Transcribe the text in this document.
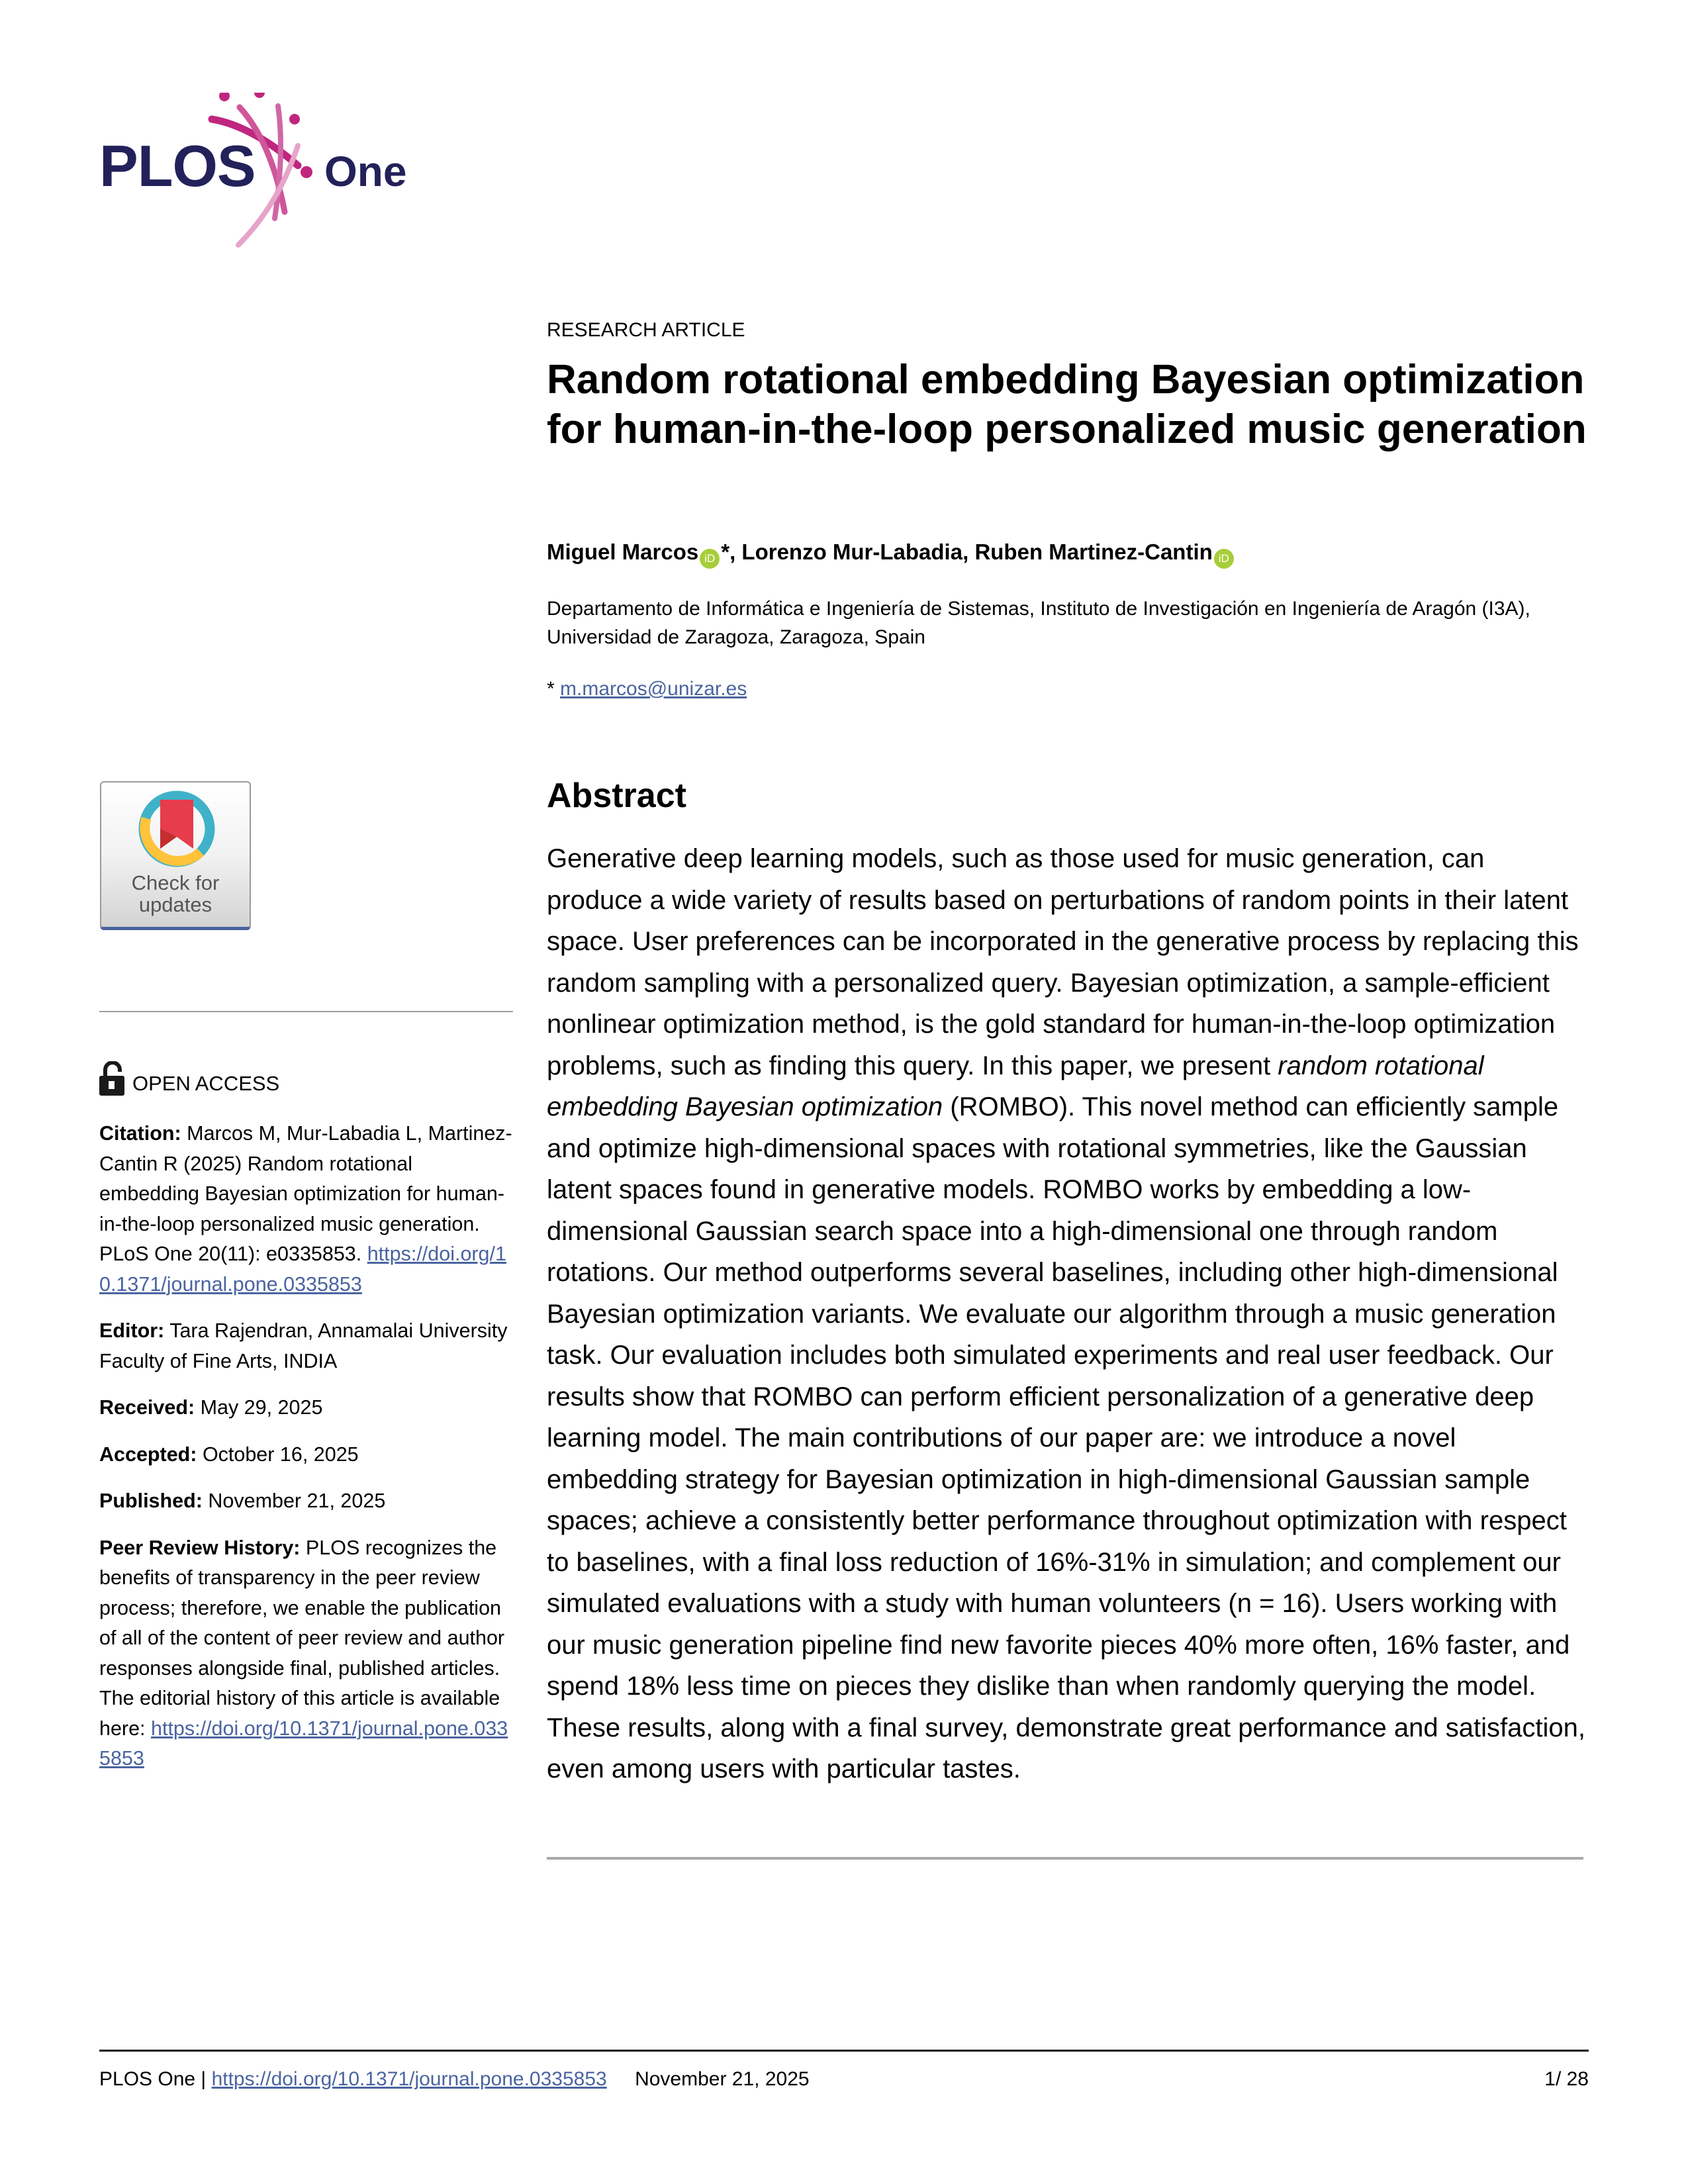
PLOS One
RESEARCH ARTICLE
Random rotational embedding Bayesian optimization for human-in-the-loop personalized music generation
Miguel Marcos iD *, Lorenzo Mur-Labadia, Ruben Martinez-Cantin iD
Departamento de Informática e Ingeniería de Sistemas, Instituto de Investigación en Ingeniería de Aragón (I3A), Universidad de Zaragoza, Zaragoza, Spain
* m.marcos@unizar.es
Check for
updates
OPEN ACCESS

Citation: Marcos M, Mur-Labadia L, Martinez-Cantin R (2025) Random rotational embedding Bayesian optimization for human-in-the-loop personalized music generation. PLoS One 20(11): e0335853. https://doi.org/10.1371/journal.pone.0335853

Editor: Tara Rajendran, Annamalai University Faculty of Fine Arts, INDIA

Received: May 29, 2025

Accepted: October 16, 2025

Published: November 21, 2025

Peer Review History: PLOS recognizes the benefits of transparency in the peer review process; therefore, we enable the publication of all of the content of peer review and author responses alongside final, published articles. The editorial history of this article is available here: https://doi.org/10.1371/journal.pone.0335853

Abstract

Generative deep learning models, such as those used for music generation, can produce a wide variety of results based on perturbations of random points in their latent space. User preferences can be incorporated in the generative process by replacing this random sampling with a personalized query. Bayesian optimization, a sample-efficient nonlinear optimization method, is the gold standard for human-in-the-loop optimization problems, such as finding this query. In this paper, we present random rotational embedding Bayesian optimization (ROMBO). This novel method can efficiently sample and optimize high-dimensional spaces with rotational symmetries, like the Gaussian latent spaces found in generative models. ROMBO works by embedding a low-dimensional Gaussian search space into a high-dimensional one through random rotations. Our method outperforms several baselines, including other high-dimensional Bayesian optimization variants. We evaluate our algorithm through a music generation task. Our evaluation includes both simulated experiments and real user feedback. Our results show that ROMBO can perform efficient personalization of a generative deep learning model. The main contributions of our paper are: we introduce a novel embedding strategy for Bayesian optimization in high-dimensional Gaussian sample spaces; achieve a consistently better performance throughout optimization with respect to baselines, with a final loss reduction of 16%-31% in simulation; and complement our simulated evaluations with a study with human volunteers (n = 16). Users working with our music generation pipeline find new favorite pieces 40% more often, 16% faster, and spend 18% less time on pieces they dislike than when randomly querying the model. These results, along with a final survey, demonstrate great performance and satisfaction, even among users with particular tastes.

PLOS One | https://doi.org/10.1371/journal.pone.0335853 November 21, 2025	1/ 28
